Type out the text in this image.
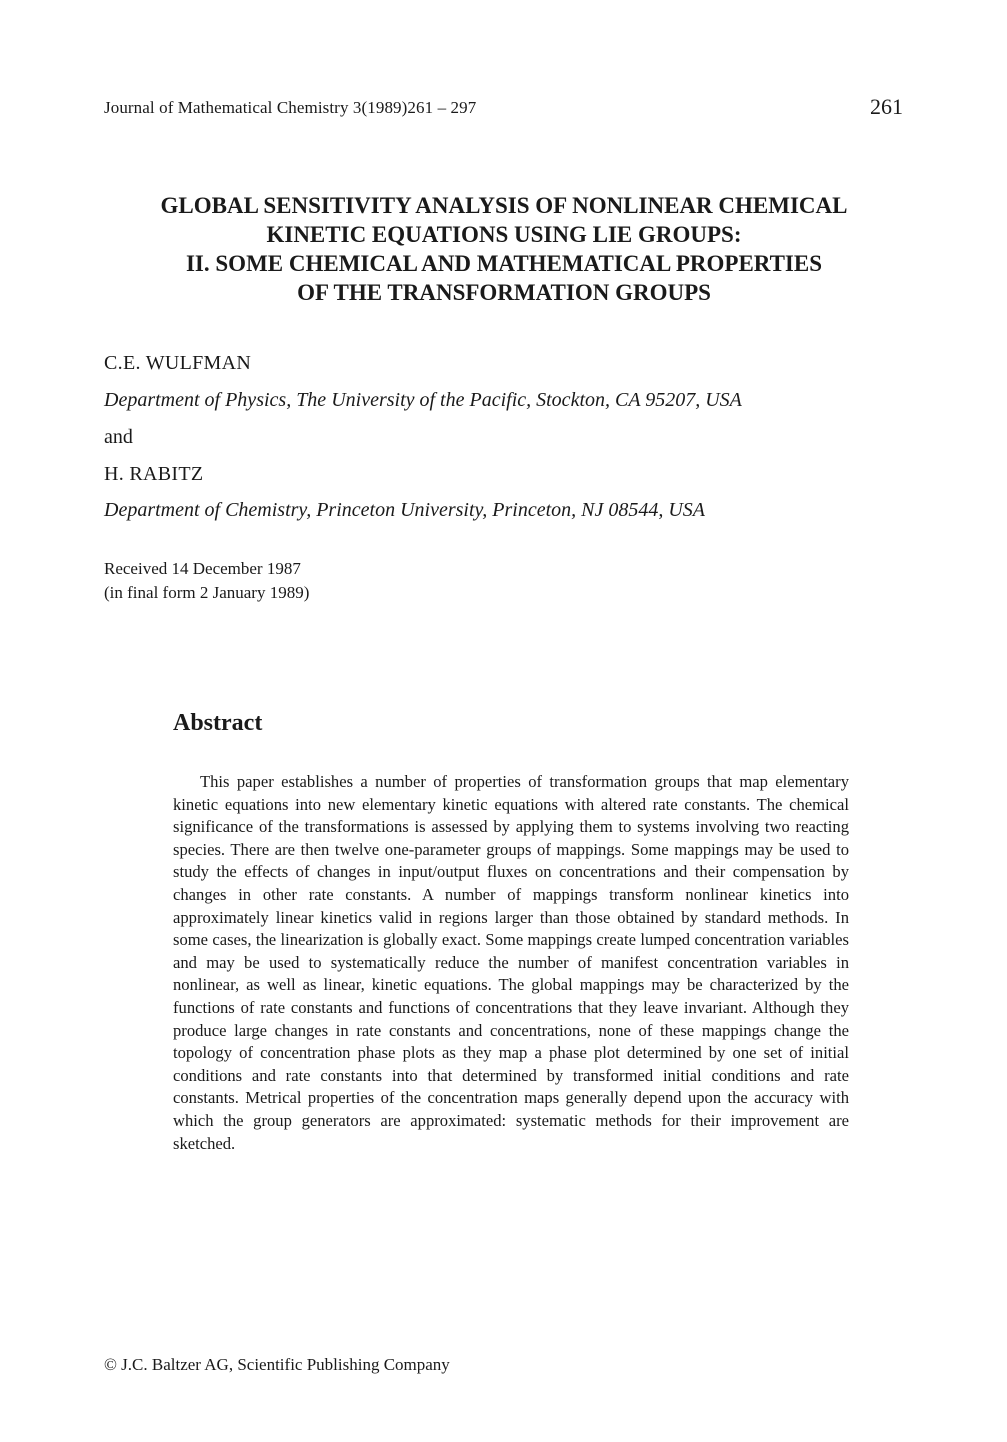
Journal of Mathematical Chemistry 3(1989)261 – 297	261
GLOBAL SENSITIVITY ANALYSIS OF NONLINEAR CHEMICAL
KINETIC EQUATIONS USING LIE GROUPS:
II. SOME CHEMICAL AND MATHEMATICAL PROPERTIES
OF THE TRANSFORMATION GROUPS
C.E. WULFMAN
Department of Physics, The University of the Pacific, Stockton, CA 95207, USA
and
H. RABITZ
Department of Chemistry, Princeton University, Princeton, NJ 08544, USA
Received 14 December 1987
(in final form 2 January 1989)
Abstract

This paper establishes a number of properties of transformation groups that map elementary kinetic equations into new elementary kinetic equations with altered rate constants. The chemical significance of the transformations is assessed by applying them to systems involving two reacting species. There are then twelve one-parameter groups of mappings. Some mappings may be used to study the effects of changes in input/output fluxes on concentrations and their compensation by changes in other rate constants. A number of mappings transform nonlinear kinetics into approximately linear kinetics valid in regions larger than those obtained by standard methods. In some cases, the linearization is globally exact. Some mappings create lumped concentration variables and may be used to systematically reduce the number of manifest concentration variables in nonlinear, as well as linear, kinetic equations. The global mappings may be characterized by the functions of rate constants and functions of concentrations that they leave invariant. Although they produce large changes in rate constants and concentrations, none of these mappings change the topology of concentration phase plots as they map a phase plot determined by one set of initial conditions and rate constants into that determined by transformed initial conditions and rate constants. Metrical properties of the concentration maps generally depend upon the accuracy with which the group generators are approximated: systematic methods for their improvement are sketched.

© J.C. Baltzer AG, Scientific Publishing Company
